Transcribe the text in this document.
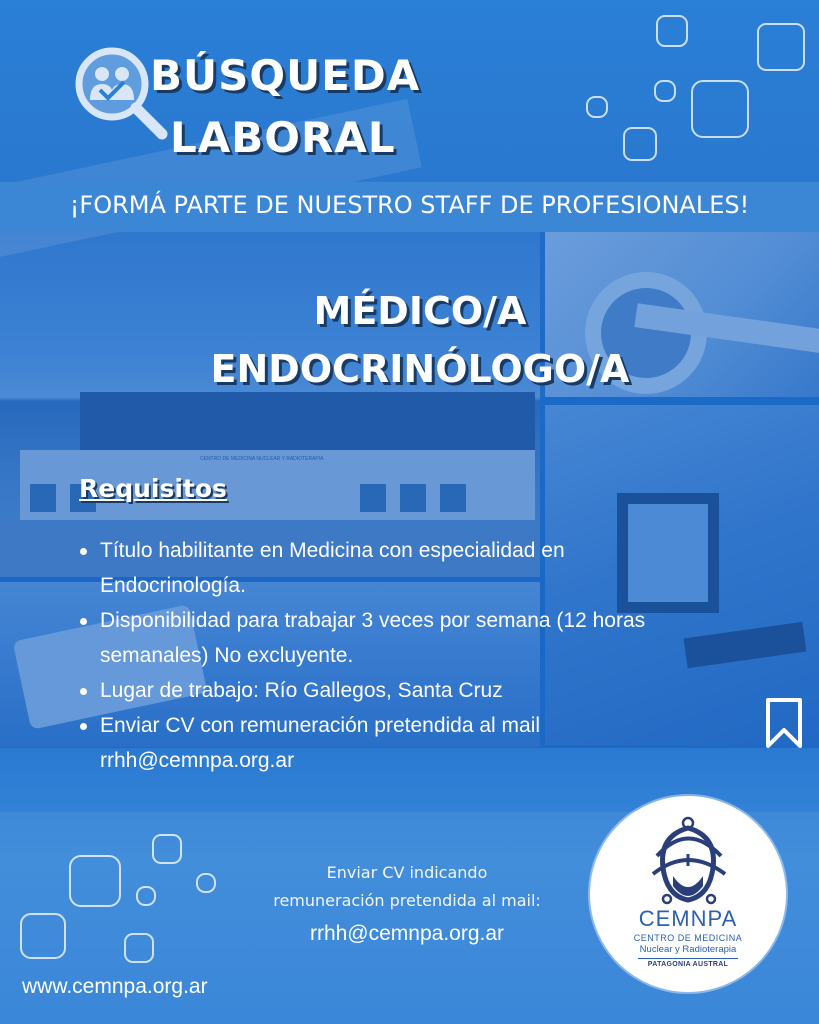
BÚSQUEDA
LABORAL
¡FORMÁ PARTE DE NUESTRO STAFF DE PROFESIONALES!
MÉDICO/A
ENDOCRINÓLOGO/A
Requisitos
Título habilitante en Medicina con especialidad en Endocrinología.
Disponibilidad para trabajar 3 veces por semana (12 horas semanales) No excluyente.
Lugar de trabajo: Río Gallegos, Santa Cruz
Enviar CV con remuneración pretendida al mail rrhh@cemnpa.org.ar
Enviar CV indicando
remuneración pretendida al mail:
rrhh@cemnpa.org.ar
www.cemnpa.org.ar
CEMNPA
CENTRO DE MEDICINA
Nuclear y Radioterapia
PATAGONIA AUSTRAL
